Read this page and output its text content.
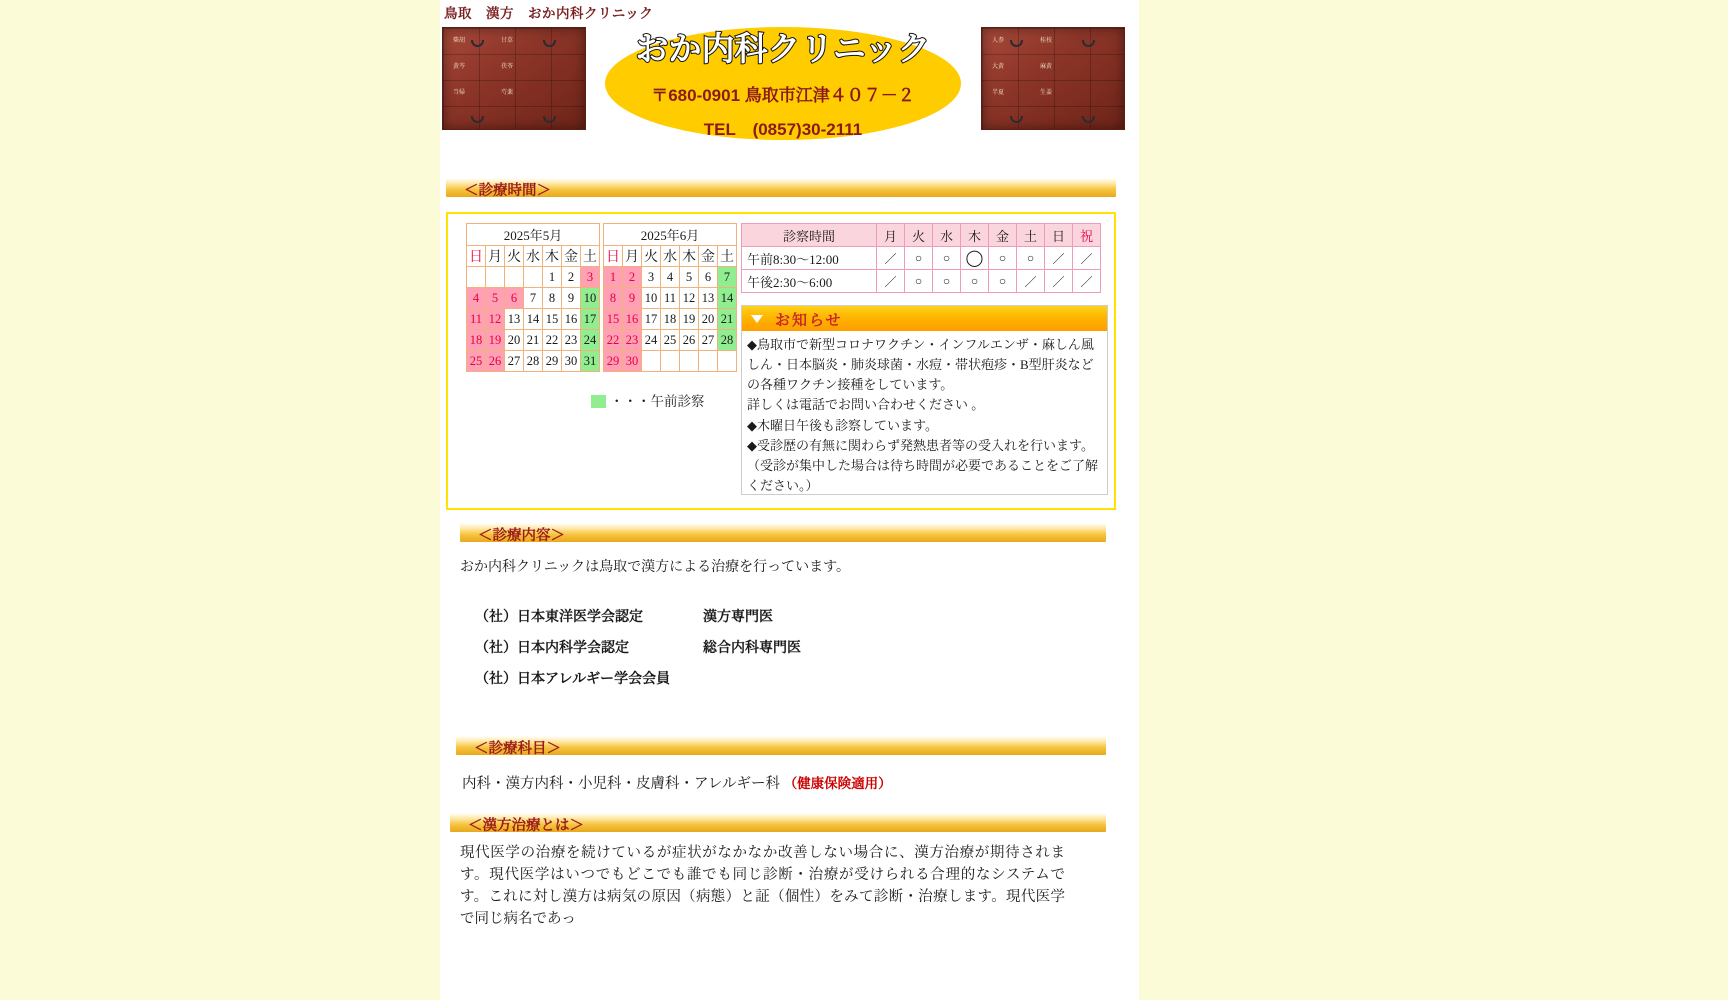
鳥取　漢方　おか内科クリニック
柴胡	甘草
黄芩	茯苓
当帰	芍薬
おか内科クリニック
〒680-0901 鳥取市江津４０７－２
TEL　(0857)30-2111
人参	桂枝
大黄	麻黄
半夏	生姜
＜診療時間＞
2025年5月						
日	月	火	水	木	金	土
				1	2	3
4	5	6	7	8	9	10
11	12	13	14	15	16	17
18	19	20	21	22	23	24
25	26	27	28	29	30	31
2025年6月						
日	月	火	水	木	金	土
1	2	3	4	5	6	7
8	9	10	11	12	13	14
15	16	17	18	19	20	21
22	23	24	25	26	27	28
29	30					
・・・午前診察
診察時間	月	火	水	木	金	土	日	祝
午前8:30～12:00	／	○	○	◯	○	○	／	／
午後2:30～6:00	／	○	○	○	○	／	／	／
お知らせ

◆鳥取市で新型コロナワクチン・インフルエンザ・麻しん風しん・日本脳炎・肺炎球菌・水痘・帯状疱疹・B型肝炎などの各種ワクチン接種をしています。

詳しくは電話でお問い合わせください 。

◆木曜日午後も診察しています。

◆受診歴の有無に関わらず発熱患者等の受入れを行います。

（受診が集中した場合は待ち時間が必要であることをご了解ください。）

＜診療内容＞
おか内科クリニックは鳥取で漢方による治療を行っています。
（社）日本東洋医学会認定	漢方専門医
（社）日本内科学会認定	総合内科専門医
（社）日本アレルギー学会会員
＜診療科目＞
内科・漢方内科・小児科・皮膚科・アレルギー科 （健康保険適用）
＜漢方治療とは＞
現代医学の治療を続けているが症状がなかなか改善しない場合に、漢方治療が期待されます。現代医学はいつでもどこでも誰でも同じ診断・治療が受けられる合理的なシステムです。これに対し漢方は病気の原因（病態）と証（個性）をみて診断・治療します。現代医学で同じ病名であっ
